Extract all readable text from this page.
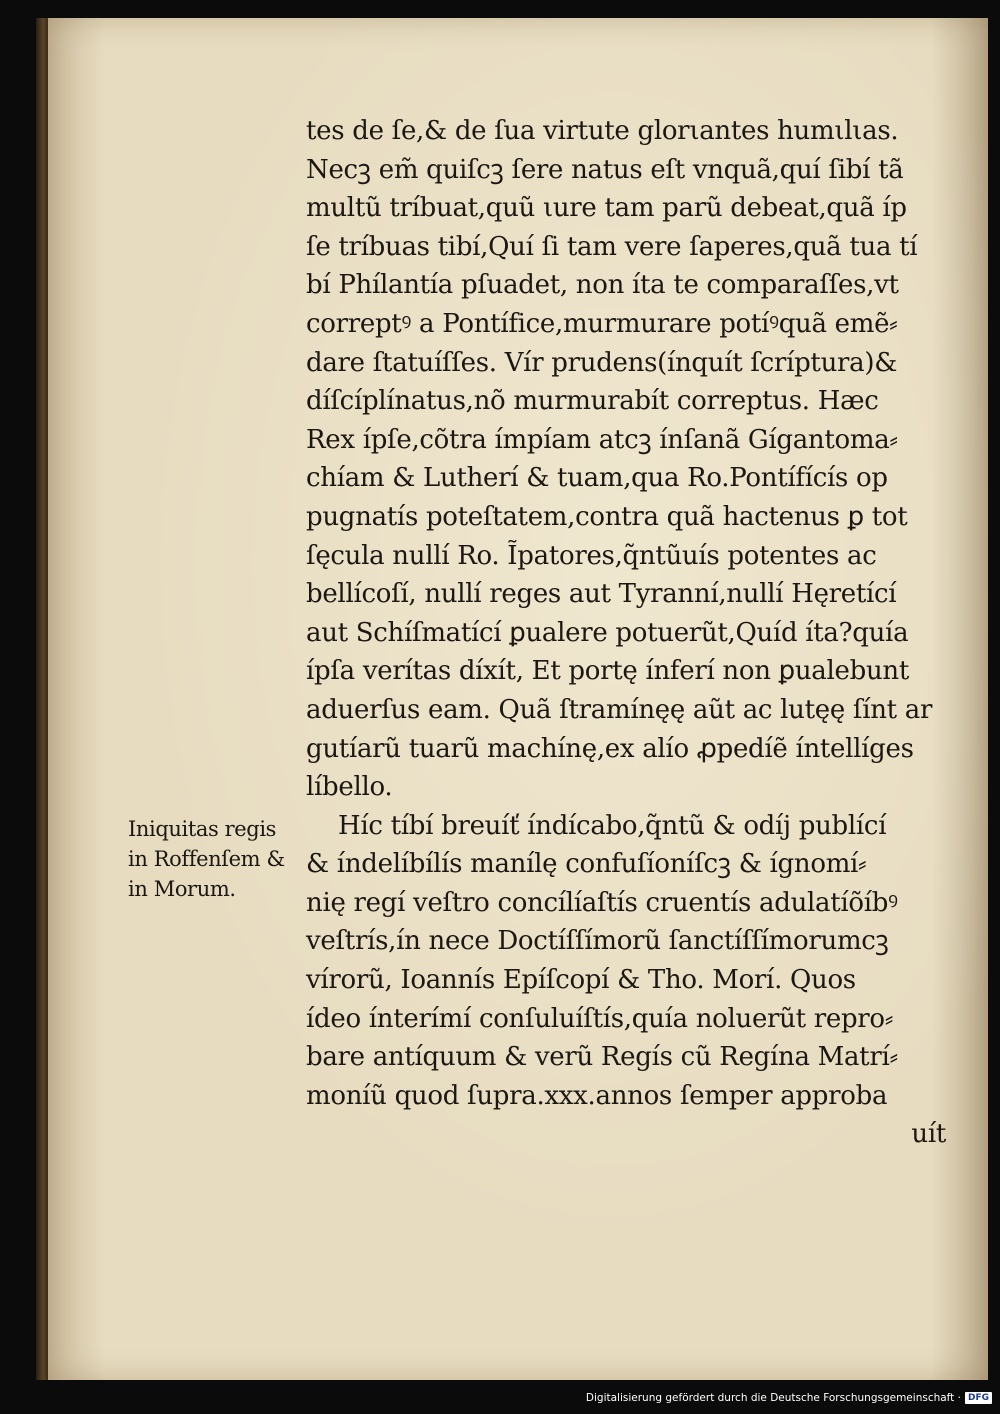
tes de ſe,& de ſua virtute glorιantes humιlιas.
Necꝫ em̃ quiſcꝫ ſere natus eſt vnquã,quí ſibí tã
multũ tríbuat,quũ ιure tam parũ debeat,quã íp
ſe tríbuas tibí,Quí ſi tam vere ſaperes,quã tua tí
bí Phílantía pſuadet, non íta te comparaſſes,vt
correptꝰ a Pontífice,murmurare potíꝰquã emẽ⸗
dare ſtatuíſſes. Vír prudens(ínquít ſcríptura)&
díſcíplínatus,nõ murmurabít correptus. Hæc
Rex ípſe,cõtra ímpíam atcꝫ ínſanã Gígantoma⸗
chíam & Lutherí & tuam,qua Ro.Pontífícís op
pugnatís poteſtatem,contra quã hactenus ꝑ tot
ſęcula nullí Ro. Ĩpatores,q̃ntũuís potentes ac
bellícoſí, nullí reges aut Tyranní,nullí Hęretící
aut Schíſmatící ꝑualere potuerũt,Quíd íta?quía
ípſa verítas díxít, Et portę ínferí non ꝑualebunt
aduerſus eam. Quã ſtramínęę aũt ac lutęę ſínt ar
gutíarũ tuarũ machínę,ex alío ꝓpedíẽ íntellíges
líbello.
Híc tíbí breuíť índícabo,q̃ntũ & odíj publící
& índelíbílís manílę confuſíoníſcꝫ & ígnomí⸗
nię regí veſtro concílíaſtís cruentís adulatíõíbꝰ
veſtrís,ín nece Doctíſſímorũ ſanctíſſímorumcꝫ
vírorũ, Ioannís Epíſcopí & Tho. Morí. Quos
ídeo ínterímí conſuluíſtís,quía noluerũt repro⸗
bare antíquum & verũ Regís cũ Regína Matrí⸗
moníũ quod ſupra.xxx.annos ſemper approba
uít
Iniquitas regis
in Roffenſem &
in Morum.
Digitalisierung gefördert durch die Deutsche Forschungsgemeinschaft · DFG
